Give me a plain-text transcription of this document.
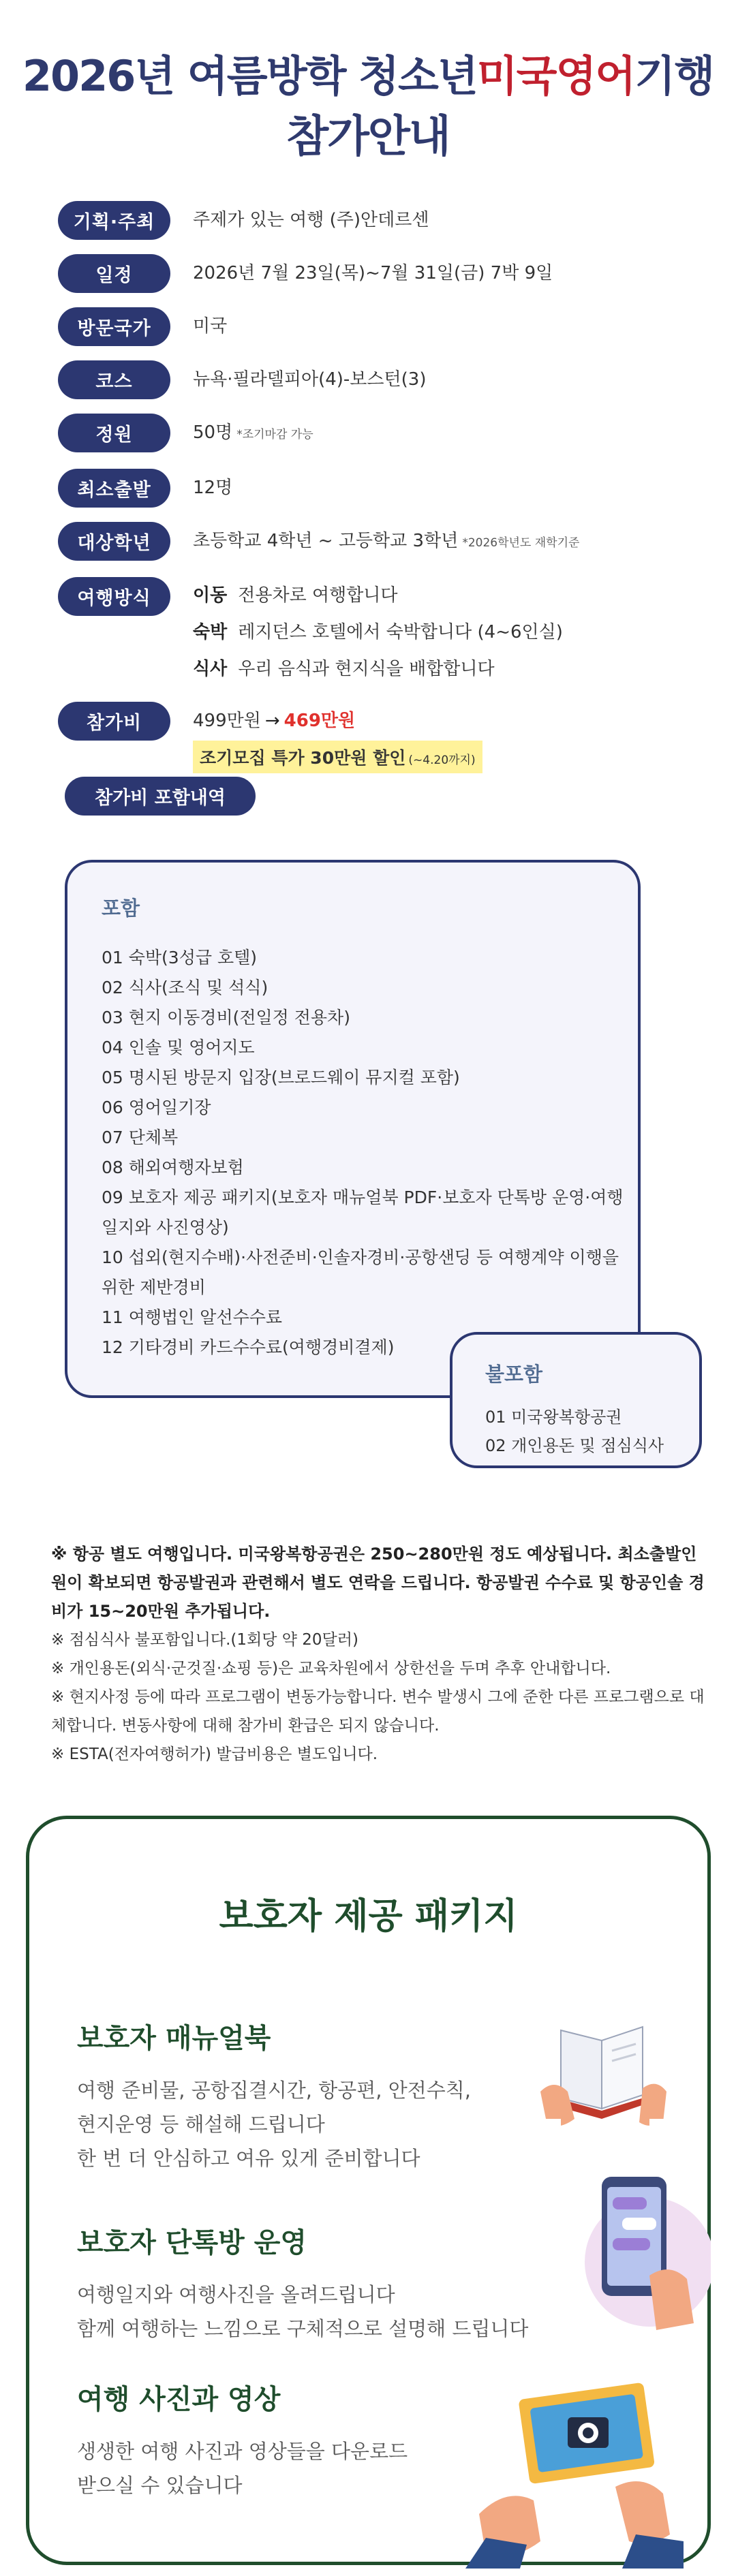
2026년 여름방학 청소년미국영어기행
참가안내
기획·주최	주제가 있는 여행 (주)안데르센
일정	2026년 7월 23일(목)~7월 31일(금) 7박 9일
방문국가	미국
코스	뉴욕·필라델피아(4)-보스턴(3)
정원	50명 *조기마감 가능
최소출발	12명
대상학년	초등학교 4학년 ~ 고등학교 3학년 *2026학년도 재학기준
여행방식	이동 전용차로 여행합니다
숙박 레지던스 호텔에서 숙박합니다 (4~6인실)
식사 우리 음식과 현지식을 배합합니다
참가비	499만원 → 469만원
조기모집 특가 30만원 할인 (~4.20까지)
참가비 포함내역
포함
01 숙박(3성급 호텔)
02 식사(조식 및 석식)
03 현지 이동경비(전일정 전용차)
04 인솔 및 영어지도
05 명시된 방문지 입장(브로드웨이 뮤지컬 포함)
06 영어일기장
07 단체복
08 해외여행자보험
09 보호자 제공 패키지(보호자 매뉴얼북 PDF·보호자 단톡방 운영·여행일지와 사진영상)
10 섭외(현지수배)·사전준비·인솔자경비·공항샌딩 등 여행계약 이행을 위한 제반경비
11 여행법인 알선수수료
12 기타경비 카드수수료(여행경비결제)
불포함
01 미국왕복항공권
02 개인용돈 및 점심식사
※ 항공 별도 여행입니다. 미국왕복항공권은 250~280만원 정도 예상됩니다. 최소출발인원이 확보되면 항공발권과 관련해서 별도 연락을 드립니다. 항공발권 수수료 및 항공인솔 경비가 15~20만원 추가됩니다.
※ 점심식사 불포함입니다.(1회당 약 20달러)
※ 개인용돈(외식·군것질·쇼핑 등)은 교육차원에서 상한선을 두며 추후 안내합니다.
※ 현지사정 등에 따라 프로그램이 변동가능합니다. 변수 발생시 그에 준한 다른 프로그램으로 대체합니다. 변동사항에 대해 참가비 환급은 되지 않습니다.
※ ESTA(전자여행허가) 발급비용은 별도입니다.
보호자 제공 패키지
보호자 매뉴얼북
여행 준비물, 공항집결시간, 항공편, 안전수칙,
현지운영 등 해설해 드립니다
한 번 더 안심하고 여유 있게 준비합니다
보호자 단톡방 운영
여행일지와 여행사진을 올려드립니다
함께 여행하는 느낌으로 구체적으로 설명해 드립니다
여행 사진과 영상
생생한 여행 사진과 영상들을 다운로드
받으실 수 있습니다
